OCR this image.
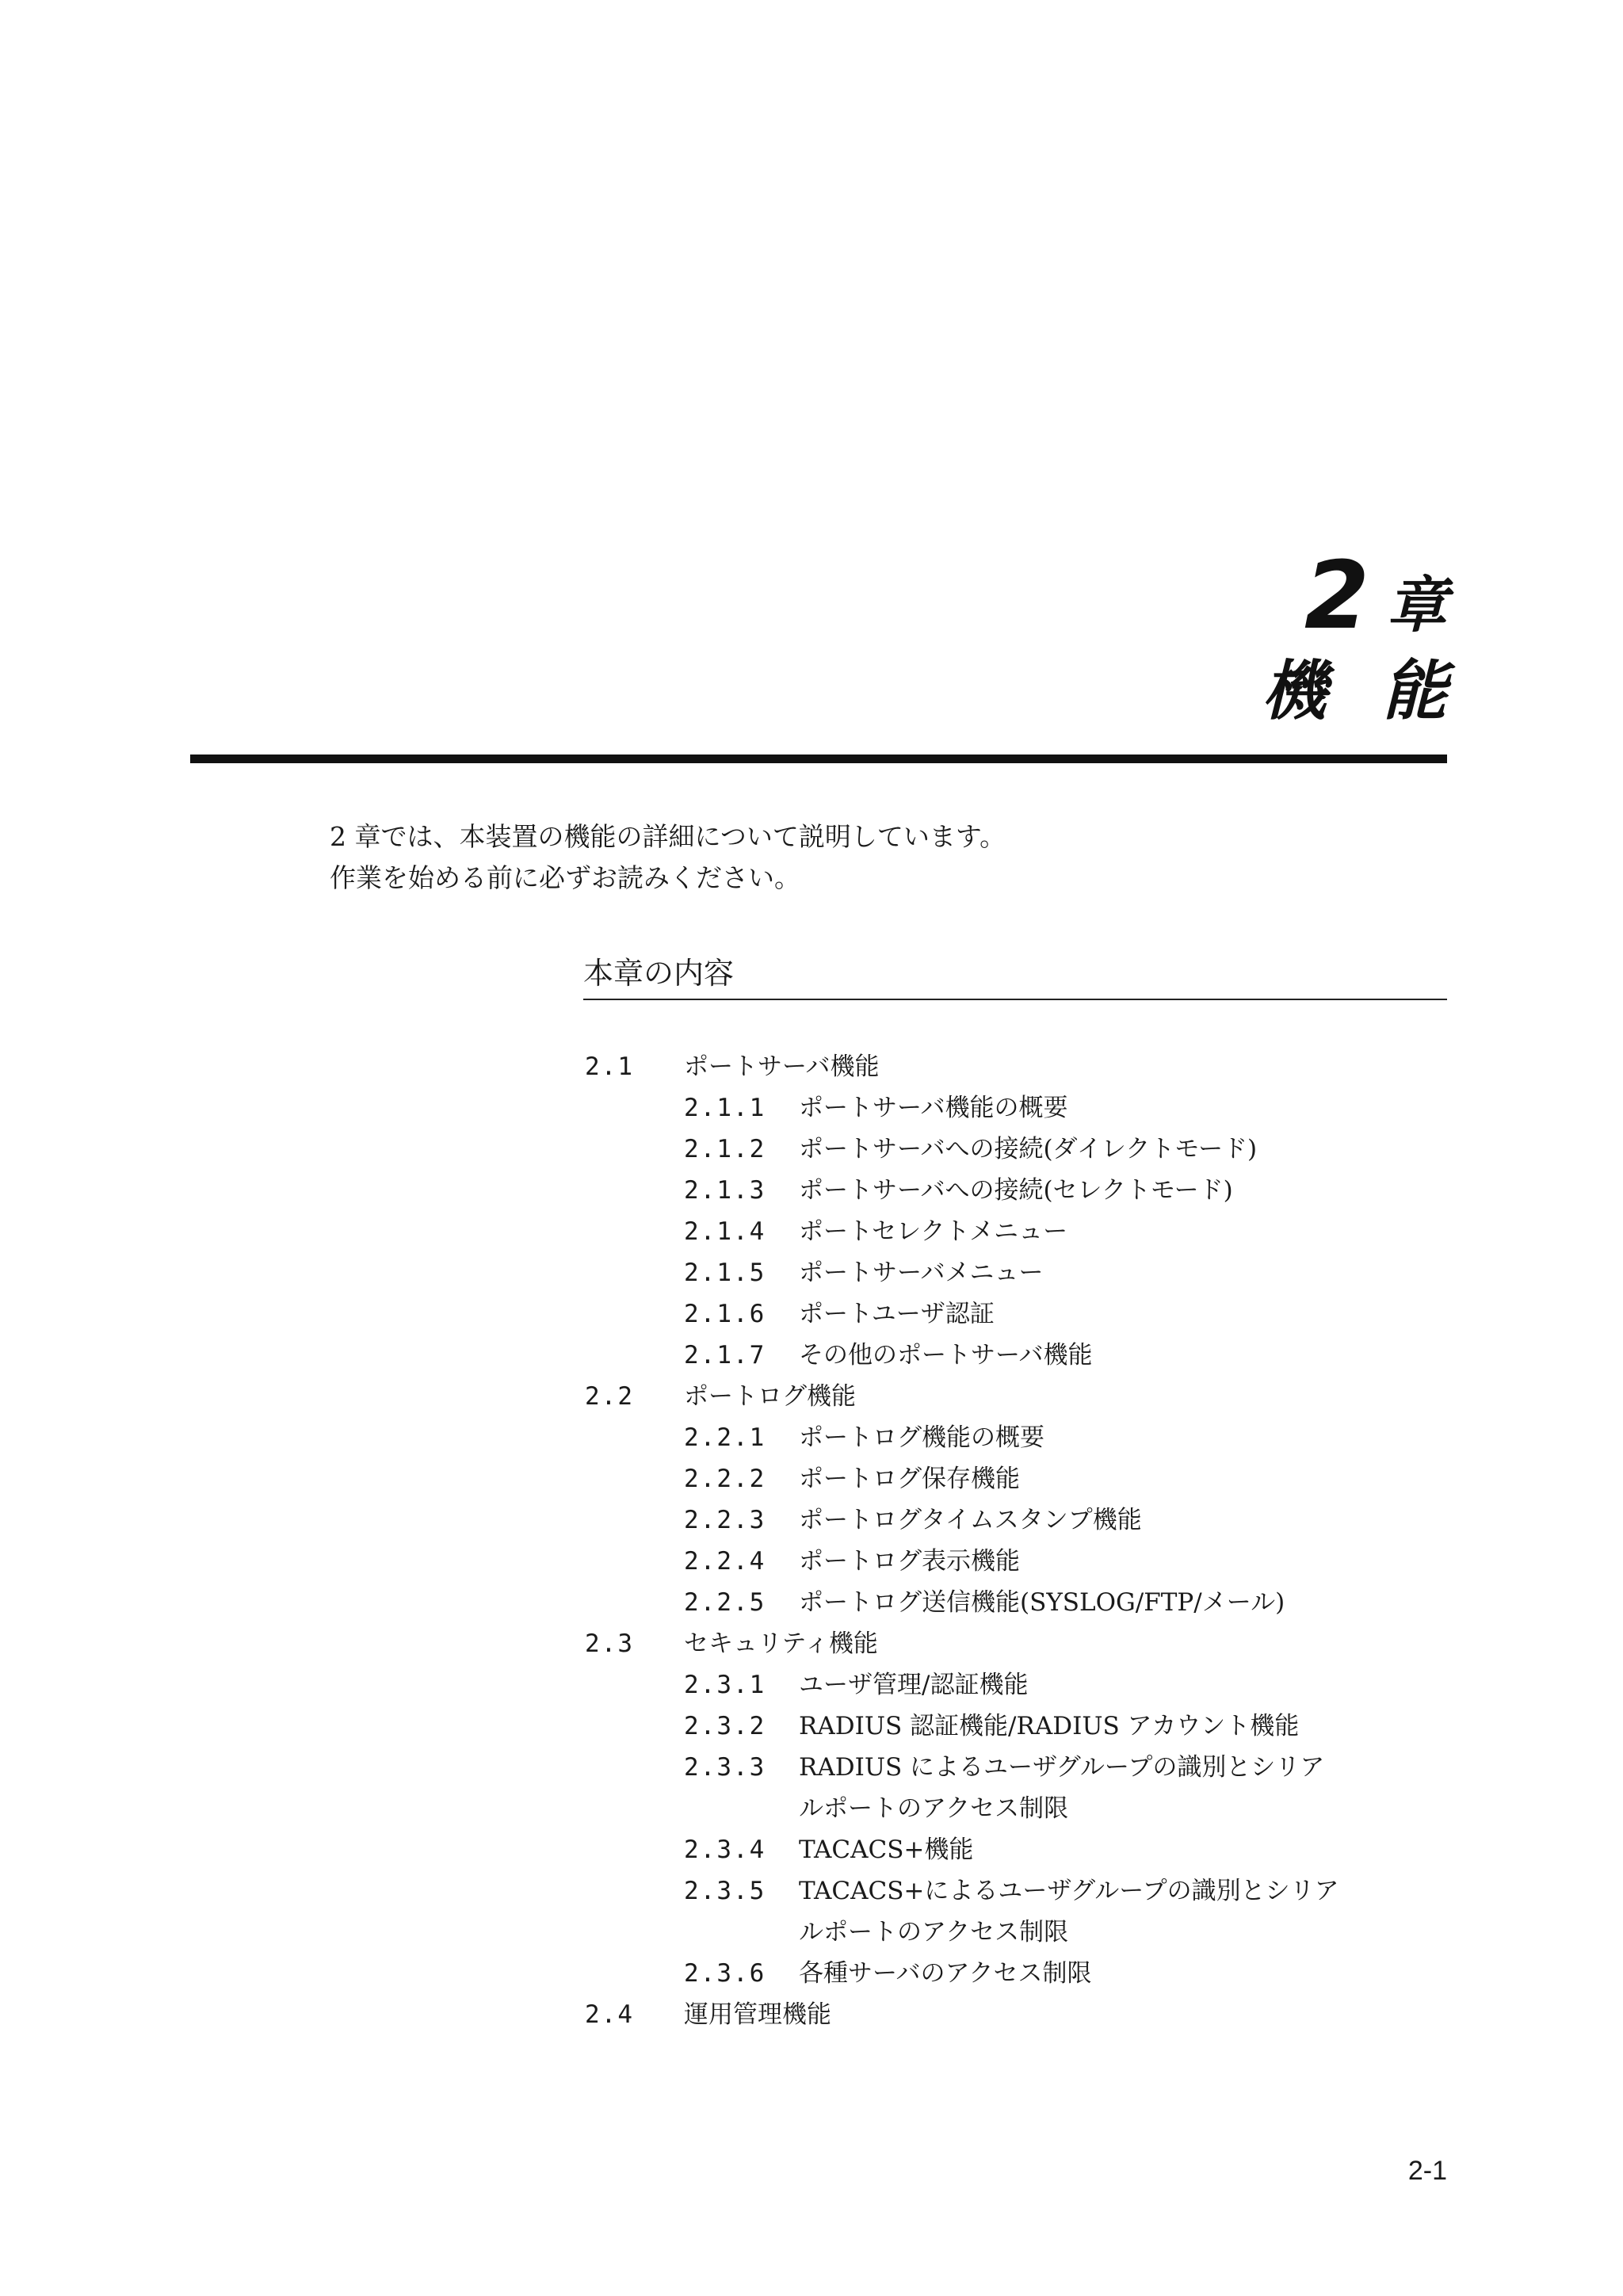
2 章
機能
2 章では、本装置の機能の詳細について説明しています。
作業を始める前に必ずお読みください。
本章の内容
2.1	ポートサーバ機能
2.1.1	ポートサーバ機能の概要
2.1.2	ポートサーバへの接続(ダイレクトモード)
2.1.3	ポートサーバへの接続(セレクトモード)
2.1.4	ポートセレクトメニュー
2.1.5	ポートサーバメニュー
2.1.6	ポートユーザ認証
2.1.7	その他のポートサーバ機能
2.2	ポートログ機能
2.2.1	ポートログ機能の概要
2.2.2	ポートログ保存機能
2.2.3	ポートログタイムスタンプ機能
2.2.4	ポートログ表示機能
2.2.5	ポートログ送信機能(SYSLOG/FTP/メール)
2.3	セキュリティ機能
2.3.1	ユーザ管理/認証機能
2.3.2	RADIUS 認証機能/RADIUS アカウント機能
2.3.3	RADIUS によるユーザグループの識別とシリア
ルポートのアクセス制限
2.3.4	TACACS+機能
2.3.5	TACACS+によるユーザグループの識別とシリア
ルポートのアクセス制限
2.3.6	各種サーバのアクセス制限
2.4	運用管理機能
2-1
